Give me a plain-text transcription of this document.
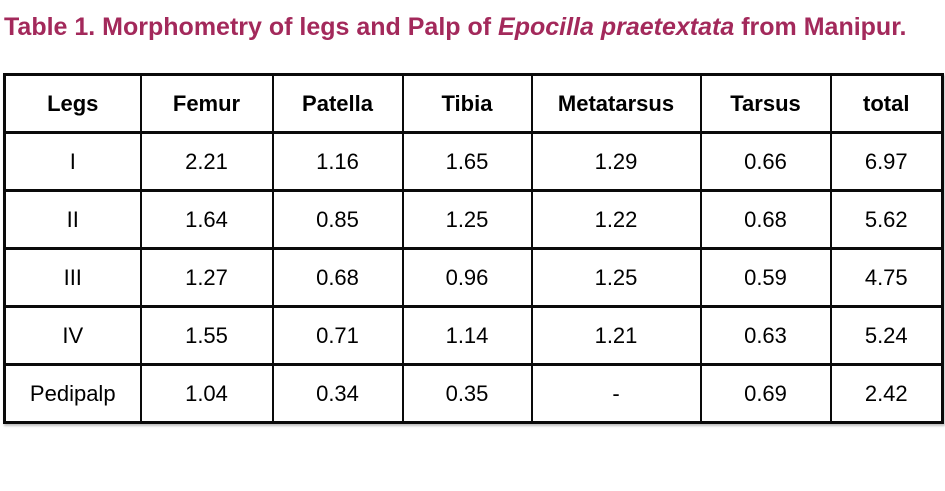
Table 1. Morphometry of legs and Palp of Epocilla praetextata from Manipur.
Legs	Femur	Patella	Tibia	Metatarsus	Tarsus	total
I	2.21	1.16	1.65	1.29	0.66	6.97
II	1.64	0.85	1.25	1.22	0.68	5.62
III	1.27	0.68	0.96	1.25	0.59	4.75
IV	1.55	0.71	1.14	1.21	0.63	5.24
Pedipalp	1.04	0.34	0.35	-	0.69	2.42
